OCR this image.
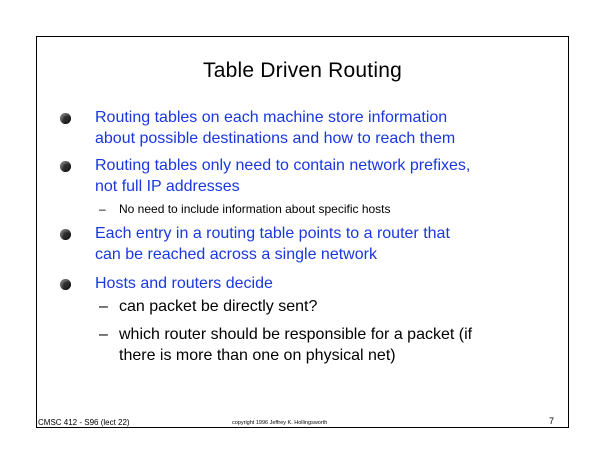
Table Driven Routing
Routing tables on each machine store information
about possible destinations and how to reach them
Routing tables only need to contain network prefixes,
not full IP addresses
– No need to include information about specific hosts
Each entry in a routing table points to a router that
can be reached across a single network
Hosts and routers decide
– can packet be directly sent?
– which router should be responsible for a packet (if
there is more than one on physical net)
CMSC 412 - S96 (lect 22)	copyright 1996 Jeffrey K. Hollingsworth	7
